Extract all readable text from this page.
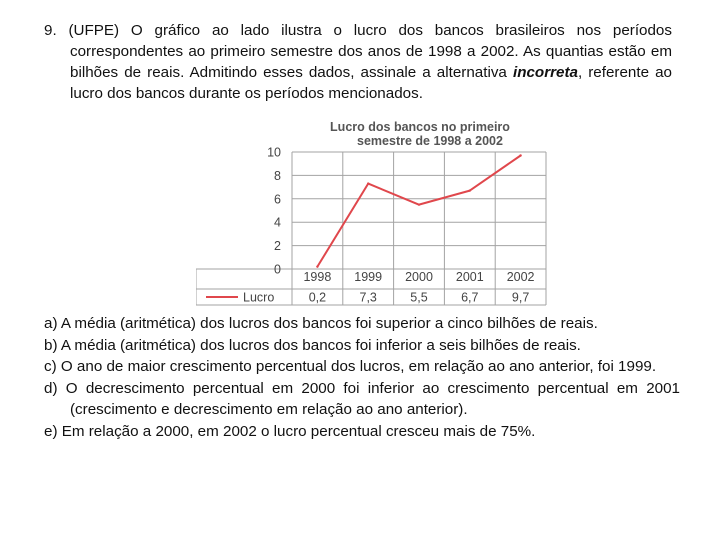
9. (UFPE) O gráfico ao lado ilustra o lucro dos bancos brasileiros nos períodos correspondentes ao primeiro semestre dos anos de 1998 a 2002. As quantias estão em bilhões de reais. Admitindo esses dados, assinale a alternativa incorreta, referente ao lucro dos bancos durante os períodos mencionados.

Lucro dos bancos no primeiro
semestre de 1998 a 2002
0
2
4
6
8
10
1998 1999 2000 2001 2002
Lucro	0,2	7,3	5,5	6,7	9,7

a) A média (aritmética) dos lucros dos bancos foi superior a cinco bilhões de reais.

b) A média (aritmética) dos lucros dos bancos foi inferior a seis bilhões de reais.

c) O ano de maior crescimento percentual dos lucros, em relação ao ano anterior, foi 1999.

d) O decrescimento percentual em 2000 foi inferior ao crescimento percentual em 2001 (crescimento e decrescimento em relação ao ano anterior).

e) Em relação a 2000, em 2002 o lucro percentual cresceu mais de 75%.
